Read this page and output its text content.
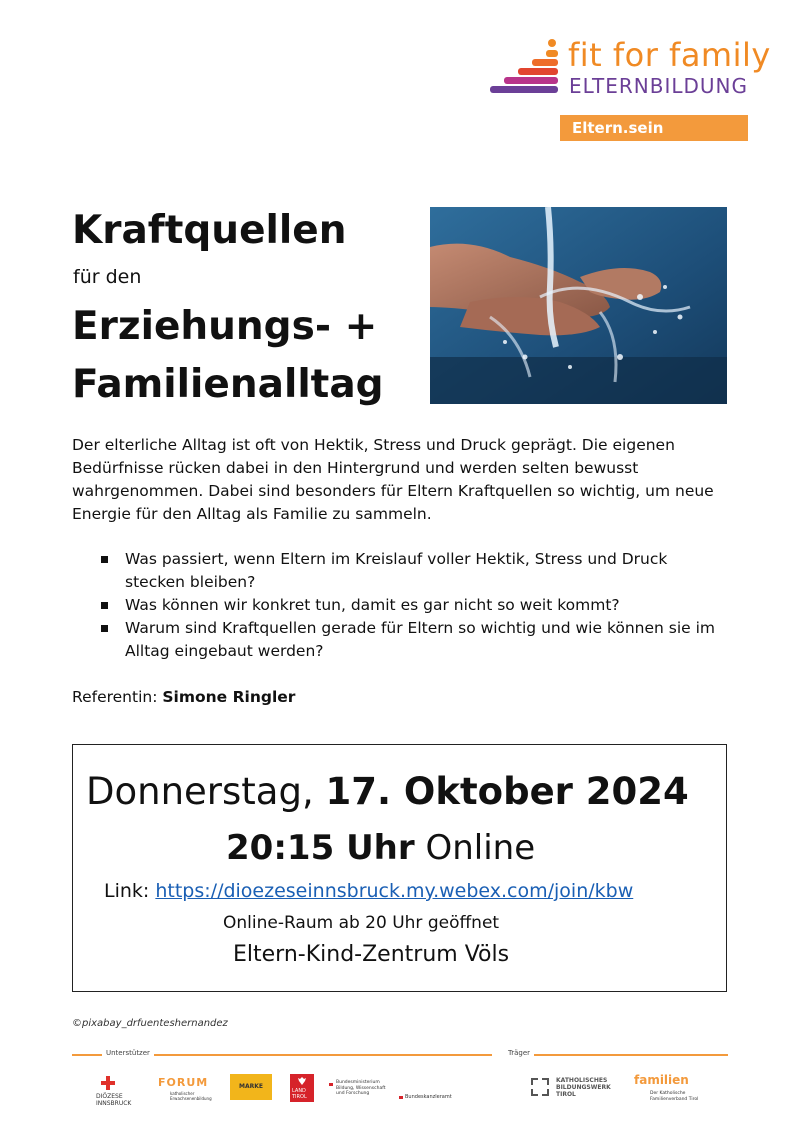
fit for family
ELTERNBILDUNG
Eltern.sein
Kraftquellen
für den
Erziehungs- +
Familienalltag
Der elterliche Alltag ist oft von Hektik, Stress und Druck geprägt. Die eigenen Bedürfnisse rücken dabei in den Hintergrund und werden selten bewusst wahrgenommen. Dabei sind besonders für Eltern Kraftquellen so wichtig, um neue Energie für den Alltag als Familie zu sammeln.
Was passiert, wenn Eltern im Kreislauf voller Hektik, Stress und Druck stecken bleiben?
Was können wir konkret tun, damit es gar nicht so weit kommt?
Warum sind Kraftquellen gerade für Eltern so wichtig und wie können sie im Alltag eingebaut werden?
Referentin: Simone Ringler
Donnerstag, 17. Oktober 2024
20:15 Uhr Online
Link: https://dioezeseinnsbruck.my.webex.com/join/kbw
Online-Raum ab 20 Uhr geöffnet
Eltern-Kind-Zentrum Völs
©pixabay_drfuenteshernandez
Unterstützer	Träger
DIÖZESE INNSBRUCK
FORUM
katholischer Erwachsenenbildung
MARKE
LAND TIROL
Bundesministerium Bildung, Wissenschaft und Forschung
Bundeskanzleramt
KATHOLISCHES BILDUNGSWERK TIROL
familien
Der Katholische Familienverband Tirol
